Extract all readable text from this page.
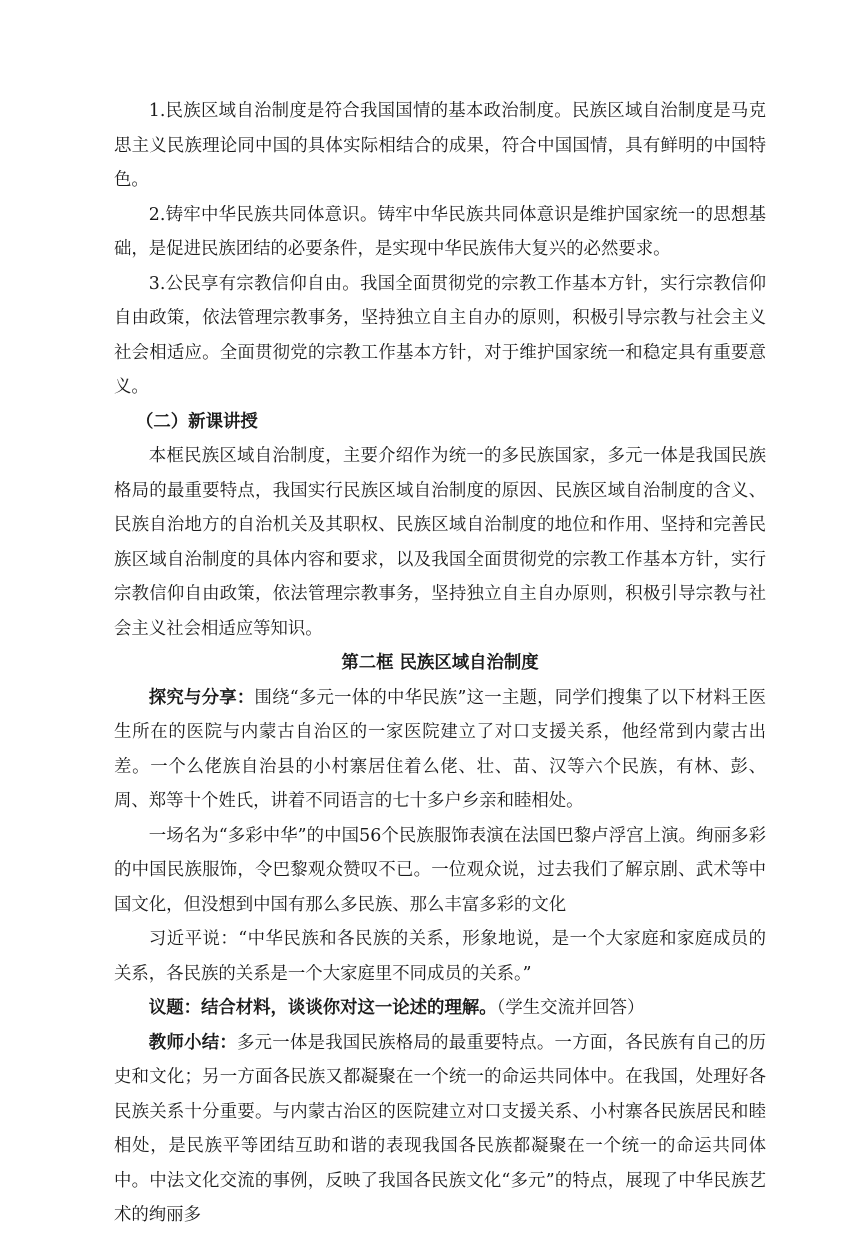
1.民族区域自治制度是符合我国国情的基本政治制度。民族区域自治制度是马克思主义民族理论同中国的具体实际相结合的成果，符合中国国情，具有鲜明的中国特色。

2.铸牢中华民族共同体意识。铸牢中华民族共同体意识是维护国家统一的思想基础，是促进民族团结的必要条件，是实现中华民族伟大复兴的必然要求。

3.公民享有宗教信仰自由。我国全面贯彻党的宗教工作基本方针，实行宗教信仰自由政策，依法管理宗教事务，坚持独立自主自办的原则，积极引导宗教与社会主义社会相适应。全面贯彻党的宗教工作基本方针，对于维护国家统一和稳定具有重要意义。

（二）新课讲授

本框民族区域自治制度，主要介绍作为统一的多民族国家，多元一体是我国民族格局的最重要特点，我国实行民族区域自治制度的原因、民族区域自治制度的含义、民族自治地方的自治机关及其职权、民族区域自治制度的地位和作用、坚持和完善民族区域自治制度的具体内容和要求，以及我国全面贯彻党的宗教工作基本方针，实行宗教信仰自由政策，依法管理宗教事务，坚持独立自主自办原则，积极引导宗教与社会主义社会相适应等知识。

第二框 民族区域自治制度

探究与分享：围绕“多元一体的中华民族”这一主题，同学们搜集了以下材料王医生所在的医院与内蒙古自治区的一家医院建立了对口支援关系，他经常到内蒙古出差。一个么佬族自治县的小村寨居住着么佬、壮、苗、汉等六个民族，有林、彭、周、郑等十个姓氏，讲着不同语言的七十多户乡亲和睦相处。

一场名为“多彩中华”的中国56个民族服饰表演在法国巴黎卢浮宫上演。绚丽多彩的中国民族服饰，令巴黎观众赞叹不已。一位观众说，过去我们了解京剧、武术等中国文化，但没想到中国有那么多民族、那么丰富多彩的文化

习近平说：“中华民族和各民族的关系，形象地说，是一个大家庭和家庭成员的关系，各民族的关系是一个大家庭里不同成员的关系。”

议题：结合材料，谈谈你对这一论述的理解。（学生交流并回答）

教师小结：多元一体是我国民族格局的最重要特点。一方面，各民族有自己的历史和文化；另一方面各民族又都凝聚在一个统一的命运共同体中。在我国，处理好各民族关系十分重要。与内蒙古治区的医院建立对口支援关系、小村寨各民族居民和睦相处，是民族平等团结互助和谐的表现我国各民族都凝聚在一个统一的命运共同体中。中法文化交流的事例，反映了我国各民族文化“多元”的特点，展现了中华民族艺术的绚丽多
